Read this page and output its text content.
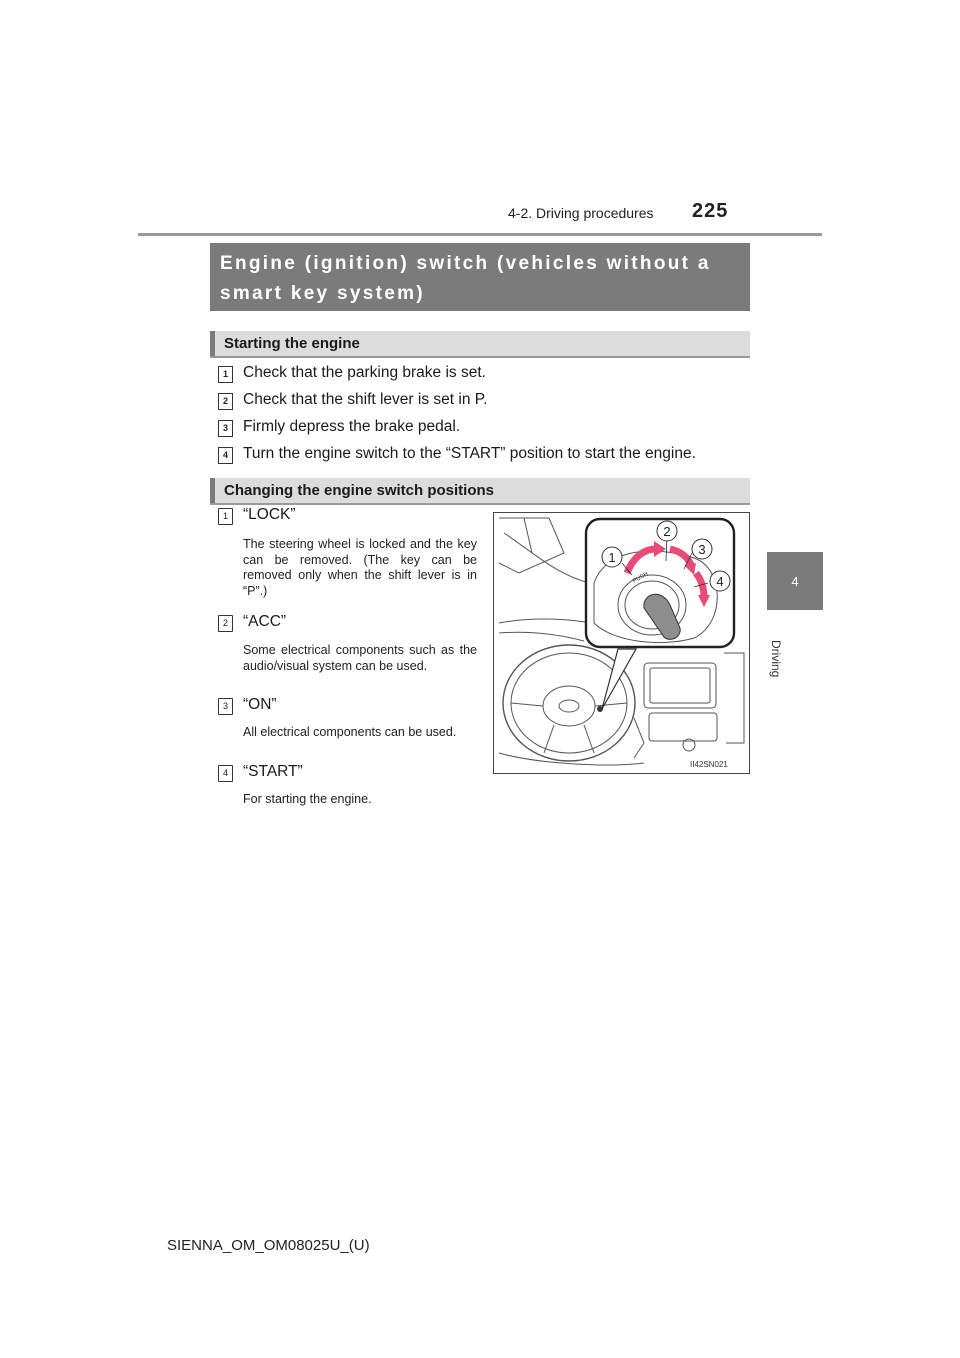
4-2. Driving procedures 225
4
Driving
Engine (ignition) switch (vehicles without a smart key system)
Starting the engine
1 Check that the parking brake is set.
2 Check that the shift lever is set in P.
3 Firmly depress the brake pedal.
4 Turn the engine switch to the “START” position to start the engine.
Changing the engine switch positions
1 “LOCK”
The steering wheel is locked and the key can be removed. (The key can be removed only when the shift lever is in “P”.)
2 “ACC”
Some electrical components such as the audio/visual system can be used.
3 “ON”
All electrical components can be used.
4 “START”
For starting the engine.
1
2
3
4
PUSH
II42SN021
SIENNA_OM_OM08025U_(U)
